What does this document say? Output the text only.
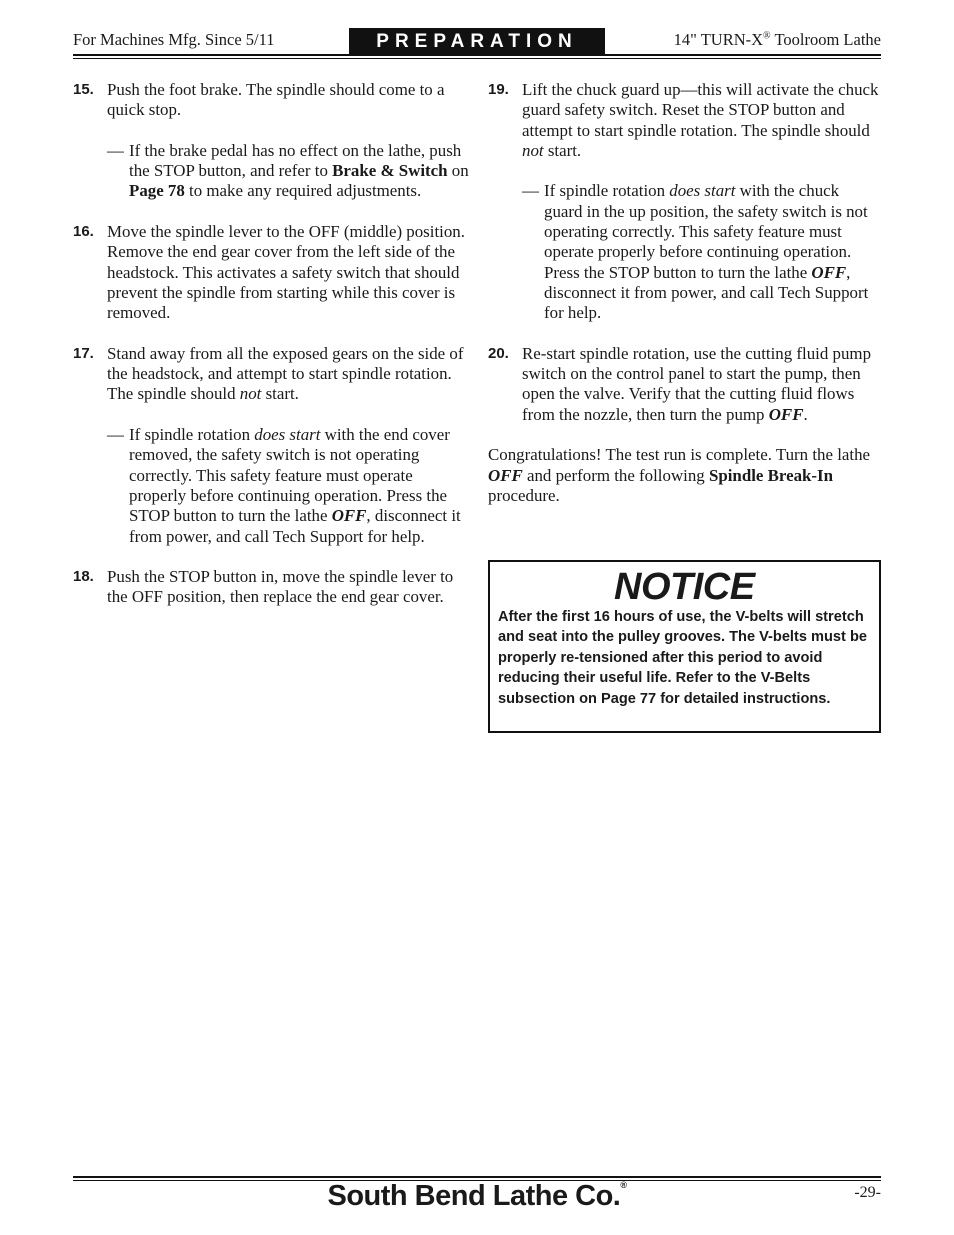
For Machines Mfg. Since 5/11	PREPARATION	14" TURN-X® Toolroom Lathe
15. Push the foot brake. The spindle should come to a quick stop.
— If the brake pedal has no effect on the lathe, push the STOP button, and refer to Brake & Switch on Page 78 to make any required adjustments.
16. Move the spindle lever to the OFF (middle) position. Remove the end gear cover from the left side of the headstock. This activates a safety switch that should prevent the spindle from starting while this cover is removed.
17. Stand away from all the exposed gears on the side of the headstock, and attempt to start spindle rotation. The spindle should not start.
— If spindle rotation does start with the end cover removed, the safety switch is not operating correctly. This safety feature must operate properly before continuing operation. Press the STOP button to turn the lathe OFF, disconnect it from power, and call Tech Support for help.
18. Push the STOP button in, move the spindle lever to the OFF position, then replace the end gear cover.
19. Lift the chuck guard up—this will activate the chuck guard safety switch. Reset the STOP button and attempt to start spindle rotation. The spindle should not start.
— If spindle rotation does start with the chuck guard in the up position, the safety switch is not operating correctly. This safety feature must operate properly before continuing operation. Press the STOP button to turn the lathe OFF, disconnect it from power, and call Tech Support for help.
20. Re-start spindle rotation, use the cutting fluid pump switch on the control panel to start the pump, then open the valve. Verify that the cutting fluid flows from the nozzle, then turn the pump OFF.

Congratulations! The test run is complete. Turn the lathe OFF and perform the following Spindle Break-In procedure.

NOTICE
After the first 16 hours of use, the V-belts will stretch and seat into the pulley grooves. The V-belts must be properly re-tensioned after this period to avoid reducing their useful life. Refer to the V-Belts subsection on Page 77 for detailed instructions.
South Bend Lathe Co.®	-29-
